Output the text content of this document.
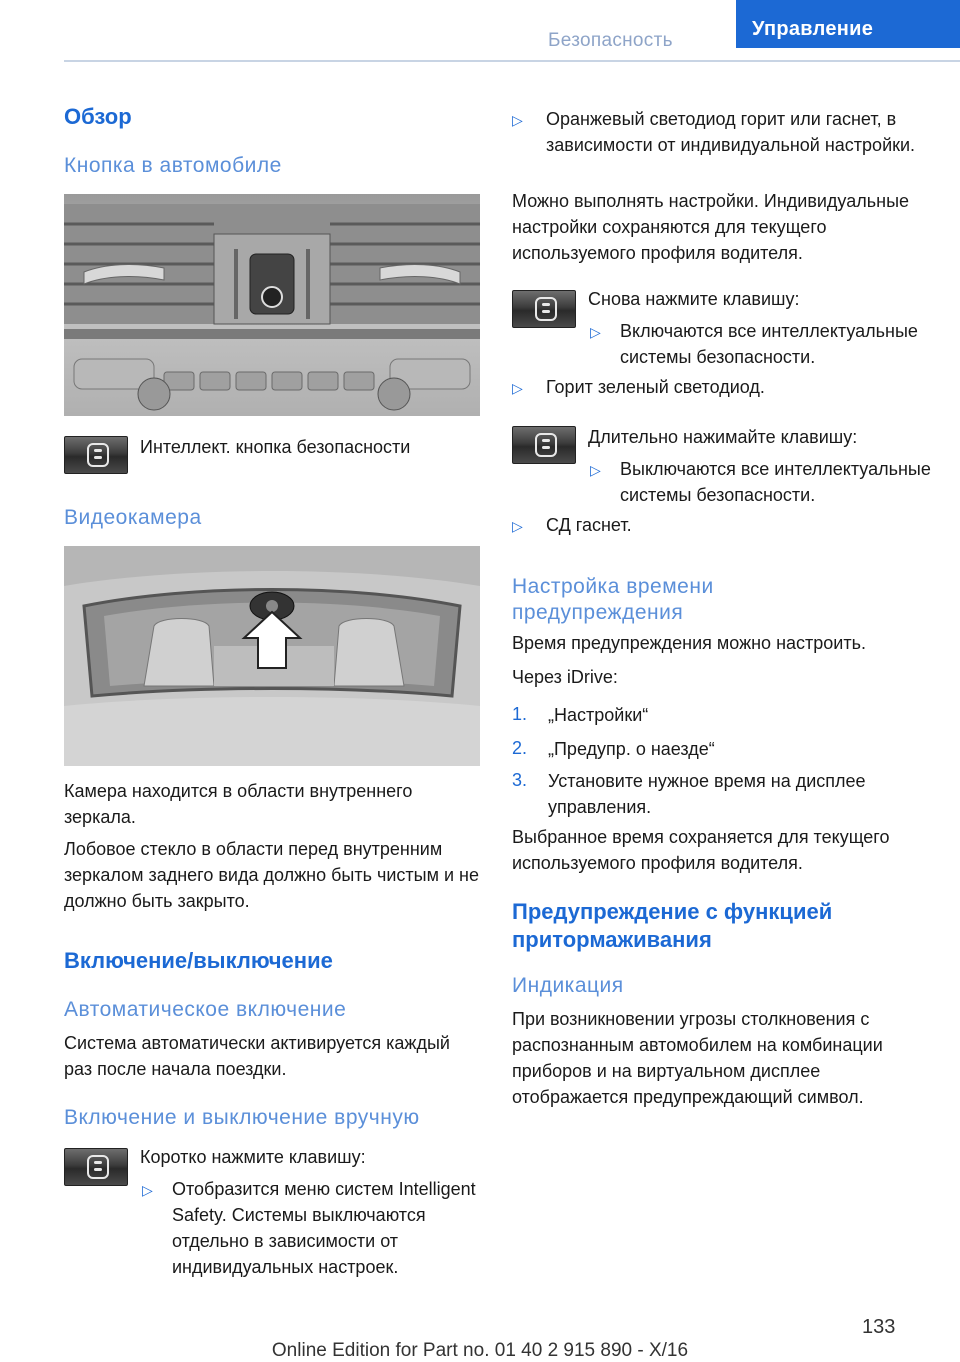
Безопасность
Управление
Обзор
Кнопка в автомобиле
Интеллект. кнопка безопасности
Видеокамера
Камера находится в области внутреннего зеркала.
Лобовое стекло в области перед внутренним зеркалом заднего вида должно быть чистым и не должно быть закрыто.
Включение/выключение
Автоматическое включение
Система автоматически активируется каждый раз после начала поездки.
Включение и выключение вручную
Коротко нажмите клавишу:
▷ Отобразится меню систем Intelligent Safety. Системы выключаются отдельно в зависимости от индивидуальных настроек.
▷ Оранжевый светодиод горит или гаснет, в зависимости от индивидуальной настройки.
Можно выполнять настройки. Индивидуальные настройки сохраняются для текущего используемого профиля водителя.
Снова нажмите клавишу:
▷ Включаются все интеллектуальные системы безопасности.
▷ Горит зеленый светодиод.
Длительно нажимайте клавишу:
▷ Выключаются все интеллектуальные системы безопасности.
▷ СД гаснет.
Настройка времени предупреждения
Время предупреждения можно настроить.
Через iDrive:
1. „Настройки“
2. „Предупр. о наезде“
3. Установите нужное время на дисплее управления.
Выбранное время сохраняется для текущего используемого профиля водителя.
Предупреждение с функцией притормаживания
Индикация
При возникновении угрозы столкновения с распознанным автомобилем на комбинации приборов и на виртуальном дисплее отображается предупреждающий символ.
133
Online Edition for Part no. 01 40 2 915 890 - X/16
